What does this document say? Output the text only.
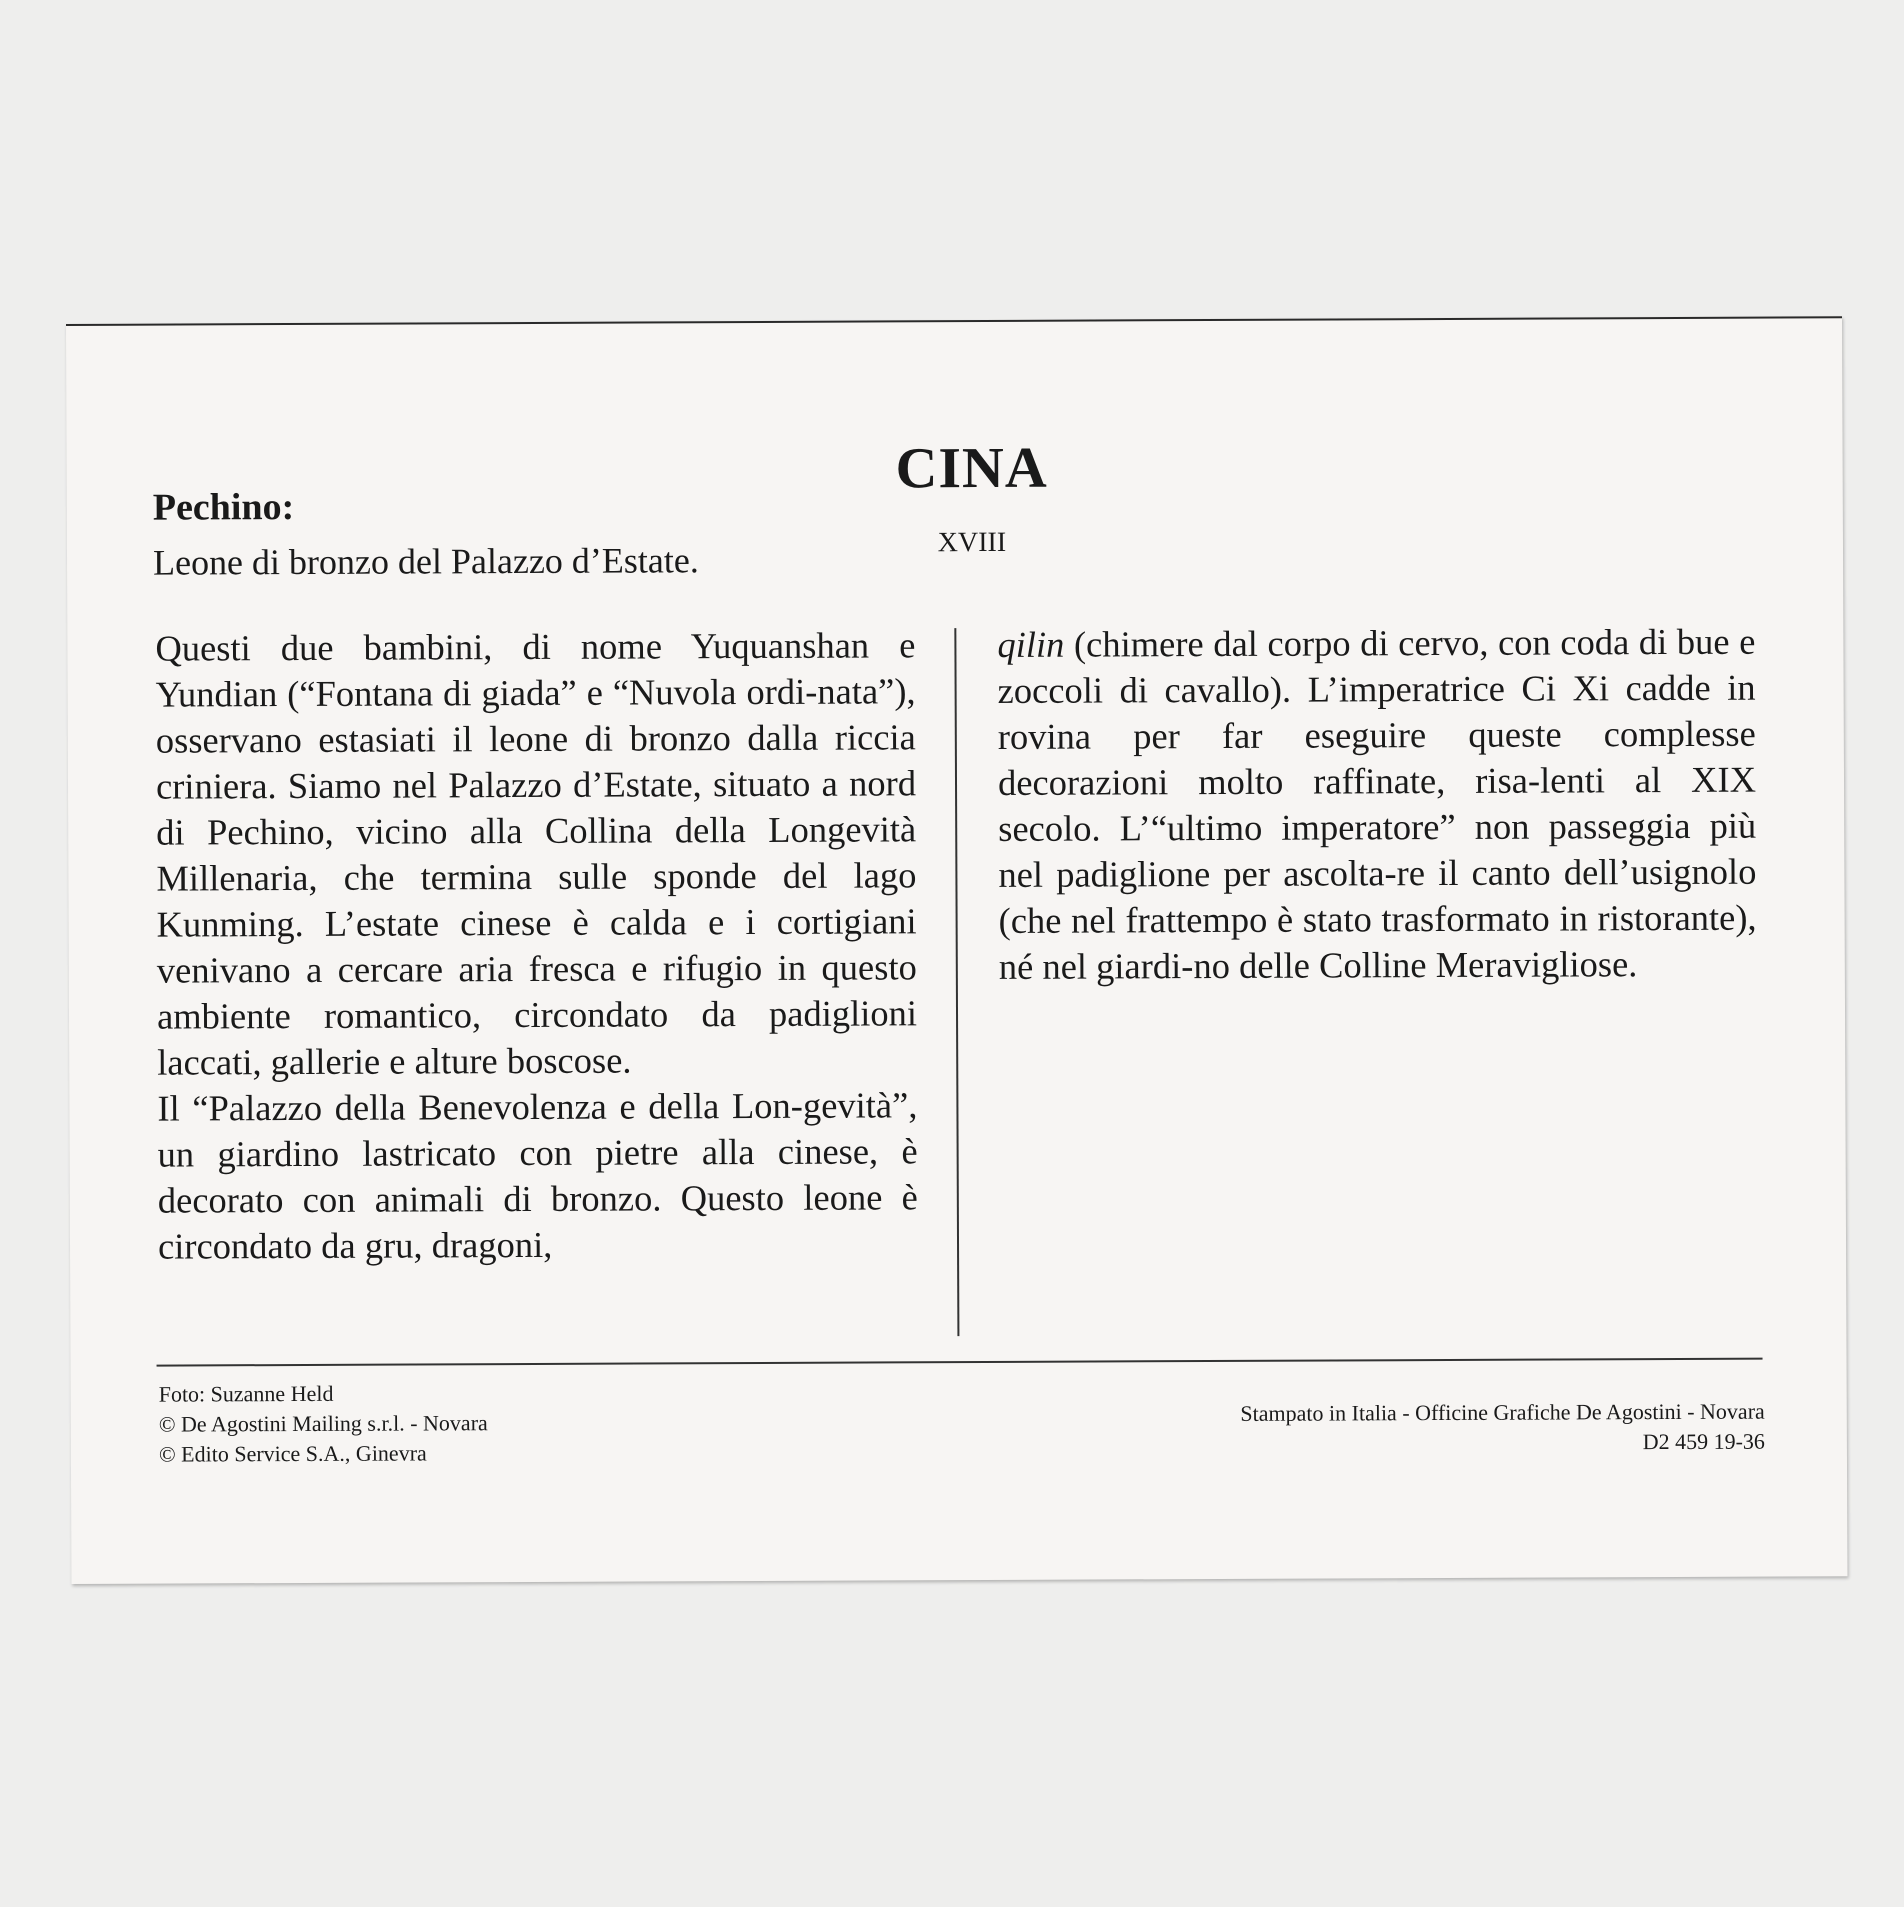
CINA
XVIII
Pechino:
Leone di bronzo del Palazzo d’Estate.

Questi due bambini, di nome Yuquanshan e Yundian (“Fontana di giada” e “Nuvola ordi-nata”), osservano estasiati il leone di bronzo dalla riccia criniera. Siamo nel Palazzo d’Estate, situato a nord di Pechino, vicino alla Collina della Longevità Millenaria, che termina sulle sponde del lago Kunming. L’estate cinese è calda e i cortigiani venivano a cercare aria fresca e rifugio in questo ambiente romantico, circondato da padiglioni laccati, gallerie e alture boscose.

Il “Palazzo della Benevolenza e della Lon-gevità”, un giardino lastricato con pietre alla cinese, è decorato con animali di bronzo. Questo leone è circondato da gru, dragoni,

qilin (chimere dal corpo di cervo, con coda di bue e zoccoli di cavallo). L’imperatrice Ci Xi cadde in rovina per far eseguire queste complesse decorazioni molto raffinate, risa-lenti al XIX secolo. L’“ultimo imperatore” non passeggia più nel padiglione per ascolta-re il canto dell’usignolo (che nel frattempo è stato trasformato in ristorante), né nel giardi-no delle Colline Meravigliose.

Foto: Suzanne Held
© De Agostini Mailing s.r.l. - Novara
© Edito Service S.A., Ginevra
Stampato in Italia - Officine Grafiche De Agostini - Novara
D2 459 19-36
